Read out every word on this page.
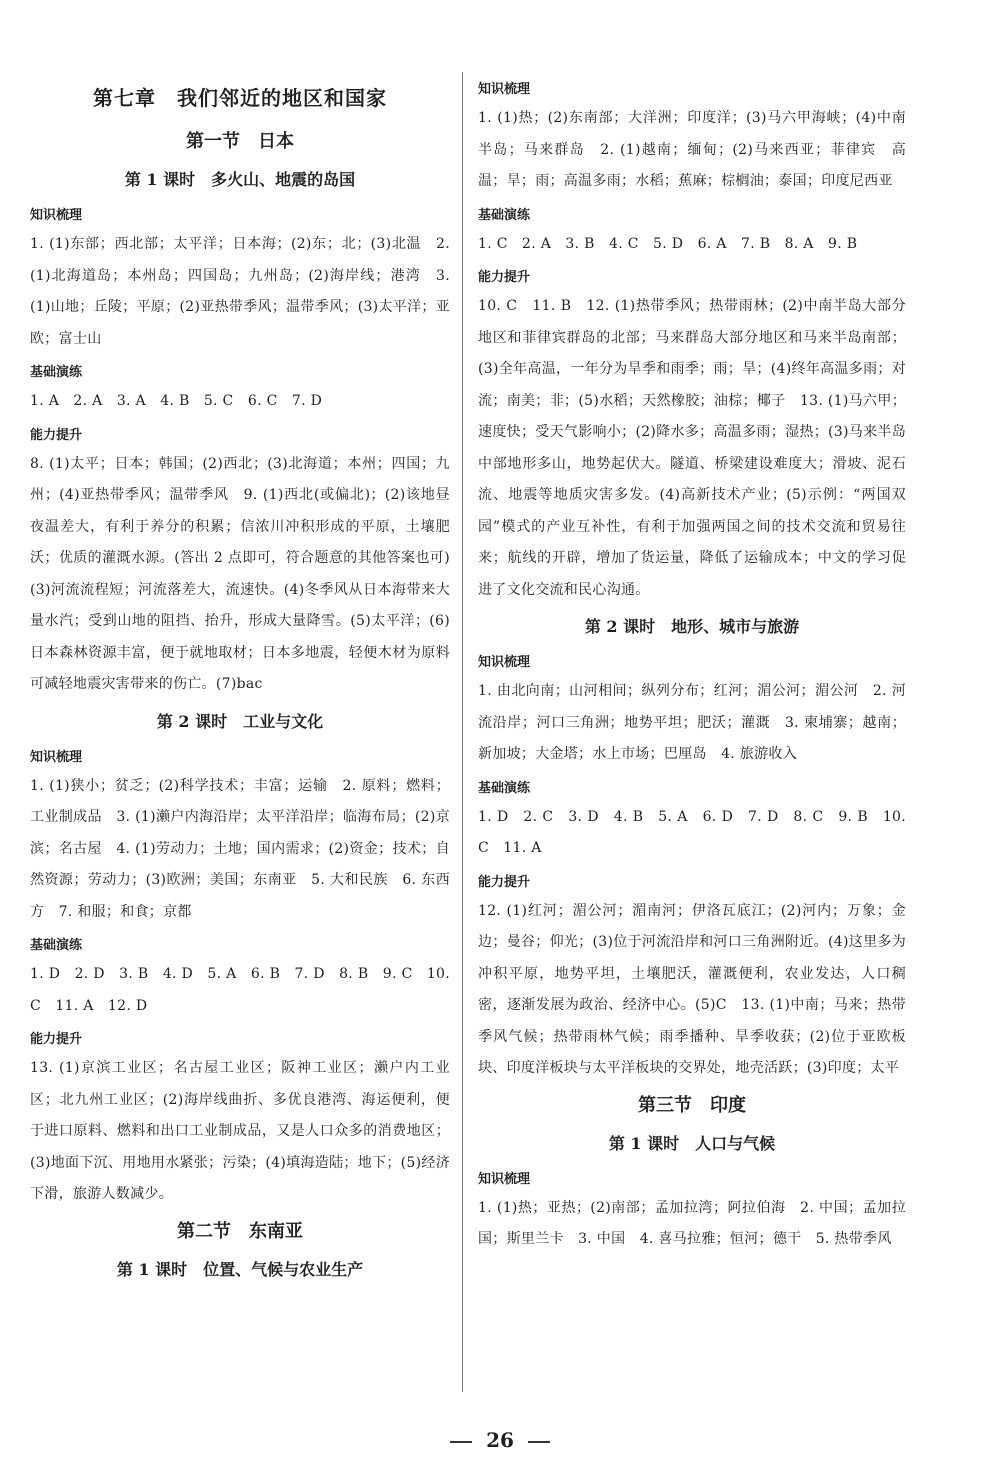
第七章　我们邻近的地区和国家
第一节　日本
第 1 课时　多火山、地震的岛国
知识梳理

1. (1)东部；西北部；太平洋；日本海；(2)东；北；(3)北温　2. (1)北海道岛；本州岛；四国岛；九州岛；(2)海岸线；港湾　3. (1)山地；丘陵；平原；(2)亚热带季风；温带季风；(3)太平洋；亚欧；富士山

基础演练

1. A　2. A　3. A　4. B　5. C　6. C　7. D

能力提升

8. (1)太平；日本；韩国；(2)西北；(3)北海道；本州；四国；九州；(4)亚热带季风；温带季风　9. (1)西北(或偏北)；(2)该地昼夜温差大，有利于养分的积累；信浓川冲积形成的平原，土壤肥沃；优质的灌溉水源。(答出 2 点即可，符合题意的其他答案也可)(3)河流流程短；河流落差大，流速快。(4)冬季风从日本海带来大量水汽；受到山地的阻挡、抬升，形成大量降雪。(5)太平洋；(6)日本森林资源丰富，便于就地取材；日本多地震，轻便木材为原料可减轻地震灾害带来的伤亡。(7)bac

第 2 课时　工业与文化
知识梳理

1. (1)狭小；贫乏；(2)科学技术；丰富；运输　2. 原料；燃料；工业制成品　3. (1)濑户内海沿岸；太平洋沿岸；临海布局；(2)京滨；名古屋　4. (1)劳动力；土地；国内需求；(2)资金；技术；自然资源；劳动力；(3)欧洲；美国；东南亚　5. 大和民族　6. 东西方　7. 和服；和食；京都

基础演练

1. D　2. D　3. B　4. D　5. A　6. B　7. D　8. B　9. C　10. C　11. A　12. D

能力提升

13. (1)京滨工业区；名古屋工业区；阪神工业区；濑户内工业区；北九州工业区；(2)海岸线曲折、多优良港湾、海运便利，便于进口原料、燃料和出口工业制成品，又是人口众多的消费地区；(3)地面下沉、用地用水紧张；污染；(4)填海造陆；地下；(5)经济下滑，旅游人数减少。

第二节　东南亚
第 1 课时　位置、气候与农业生产
知识梳理

1. (1)热；(2)东南部；大洋洲；印度洋；(3)马六甲海峡；(4)中南半岛；马来群岛　2. (1)越南；缅甸；(2)马来西亚；菲律宾　高温；旱；雨；高温多雨；水稻；蕉麻；棕榈油；泰国；印度尼西亚

基础演练

1. C　2. A　3. B　4. C　5. D　6. A　7. B　8. A　9. B

能力提升

10. C　11. B　12. (1)热带季风；热带雨林；(2)中南半岛大部分地区和菲律宾群岛的北部；马来群岛大部分地区和马来半岛南部；(3)全年高温，一年分为旱季和雨季；雨；旱；(4)终年高温多雨；对流；南美；非；(5)水稻；天然橡胶；油棕；椰子　13. (1)马六甲；速度快；受天气影响小；(2)降水多；高温多雨；湿热；(3)马来半岛中部地形多山，地势起伏大。隧道、桥梁建设难度大；滑坡、泥石流、地震等地质灾害多发。(4)高新技术产业；(5)示例：“两国双园”模式的产业互补性，有利于加强两国之间的技术交流和贸易往来；航线的开辟，增加了货运量，降低了运输成本；中文的学习促进了文化交流和民心沟通。

第 2 课时　地形、城市与旅游
知识梳理

1. 由北向南；山河相间；纵列分布；红河；湄公河；湄公河　2. 河流沿岸；河口三角洲；地势平坦；肥沃；灌溉　3. 柬埔寨；越南；新加坡；大金塔；水上市场；巴厘岛　4. 旅游收入

基础演练

1. D　2. C　3. D　4. B　5. A　6. D　7. D　8. C　9. B　10. C　11. A

能力提升

12. (1)红河；湄公河；湄南河；伊洛瓦底江；(2)河内；万象；金边；曼谷；仰光；(3)位于河流沿岸和河口三角洲附近。(4)这里多为冲积平原，地势平坦，土壤肥沃，灌溉便利，农业发达，人口稠密，逐渐发展为政治、经济中心。(5)C　13. (1)中南；马来；热带季风气候；热带雨林气候；雨季播种、旱季收获；(2)位于亚欧板块、印度洋板块与太平洋板块的交界处，地壳活跃；(3)印度；太平

第三节　印度
第 1 课时　人口与气候
知识梳理

1. (1)热；亚热；(2)南部；孟加拉湾；阿拉伯海　2. 中国；孟加拉国；斯里兰卡　3. 中国　4. 喜马拉雅；恒河；德干　5. 热带季风

26
